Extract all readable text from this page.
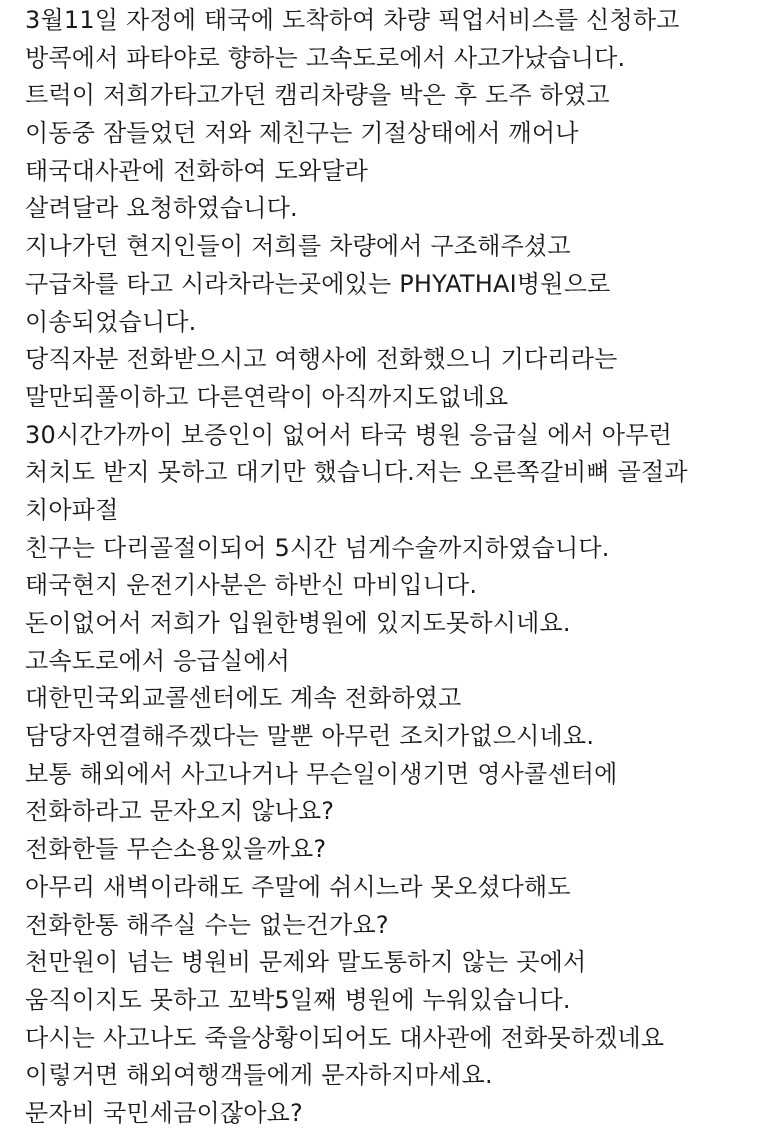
3월11일 자정에 태국에 도착하여 차량 픽업서비스를 신청하고
방콕에서 파타야로 향하는 고속도로에서 사고가났습니다.
트럭이 저희가타고가던 캠리차량을 박은 후 도주 하였고
이동중 잠들었던 저와 제친구는 기절상태에서 깨어나
태국대사관에 전화하여 도와달라
살려달라 요청하였습니다.
지나가던 현지인들이 저희를 차량에서 구조해주셨고
구급차를 타고 시라차라는곳에있는 PHYATHAI병원으로
이송되었습니다.
당직자분 전화받으시고 여행사에 전화했으니 기다리라는
말만되풀이하고 다른연락이 아직까지도없네요
30시간가까이 보증인이 없어서 타국 병원 응급실 에서 아무런
처치도 받지 못하고 대기만 했습니다.저는 오른쪽갈비뼈 골절과
치아파절
친구는 다리골절이되어 5시간 넘게수술까지하였습니다.
태국현지 운전기사분은 하반신 마비입니다.
돈이없어서 저희가 입원한병원에 있지도못하시네요.
고속도로에서 응급실에서
대한민국외교콜센터에도 계속 전화하였고
담당자연결해주겠다는 말뿐 아무런 조치가없으시네요.
보통 해외에서 사고나거나 무슨일이생기면 영사콜센터에
전화하라고 문자오지 않나요?
전화한들 무슨소용있을까요?
아무리 새벽이라해도 주말에 쉬시느라 못오셨다해도
전화한통 해주실 수는 없는건가요?
천만원이 넘는 병원비 문제와 말도통하지 않는 곳에서
움직이지도 못하고 꼬박5일째 병원에 누워있습니다.
다시는 사고나도 죽을상황이되어도 대사관에 전화못하겠네요
이렇거면 해외여행객들에게 문자하지마세요.
문자비 국민세금이잖아요?
